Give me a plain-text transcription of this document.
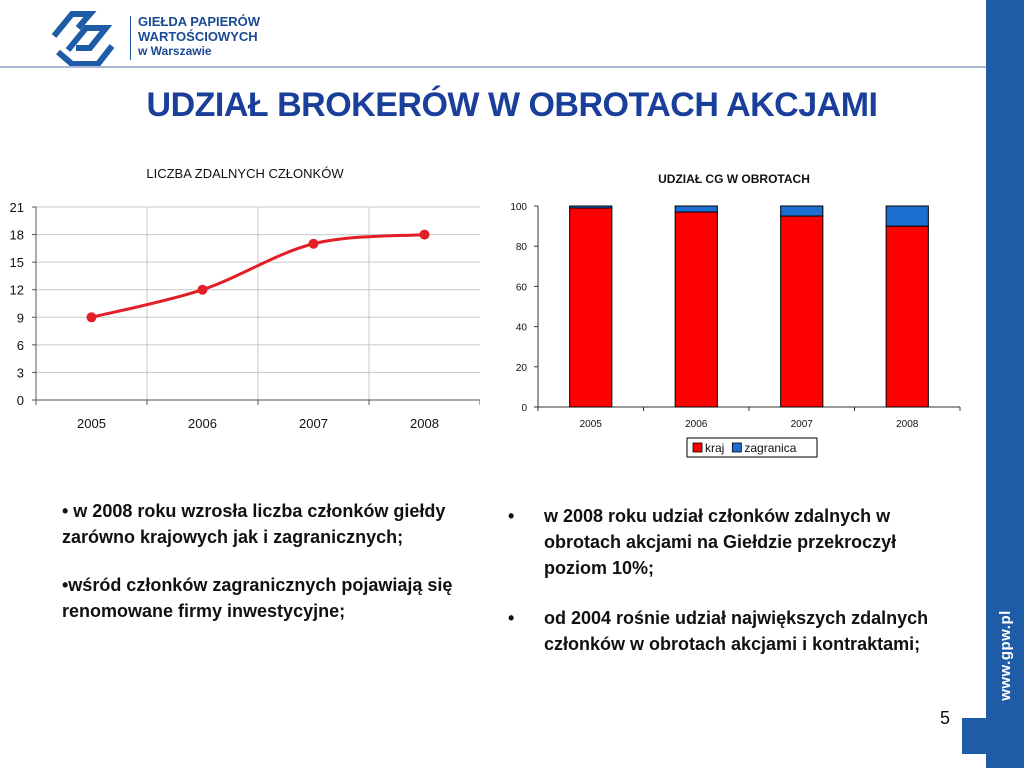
www.gpw.pl
GIEŁDA PAPIERÓW
WARTOŚCIOWYCH
w Warszawie
UDZIAŁ BROKERÓW W OBROTACH AKCJAMI
LICZBA ZDALNYCH CZŁONKÓW
0
3
6
9
12
15
18
21
2005	2006	2007	2008
UDZIAŁ CG W OBROTACH
0
20
40
60
80
100
2005	2006	2007	2008
kraj zagranica

• w 2008 roku wzrosła liczba członków giełdy zarówno krajowych jak i zagranicznych;

•wśród członków zagranicznych pojawiają się renomowane firmy inwestycyjne;

• w 2008 roku udział członków zdalnych w obrotach akcjami na Giełdzie przekroczył poziom 10%;
• od 2004 rośnie udział największych zdalnych członków w obrotach akcjami i kontraktami;
5
